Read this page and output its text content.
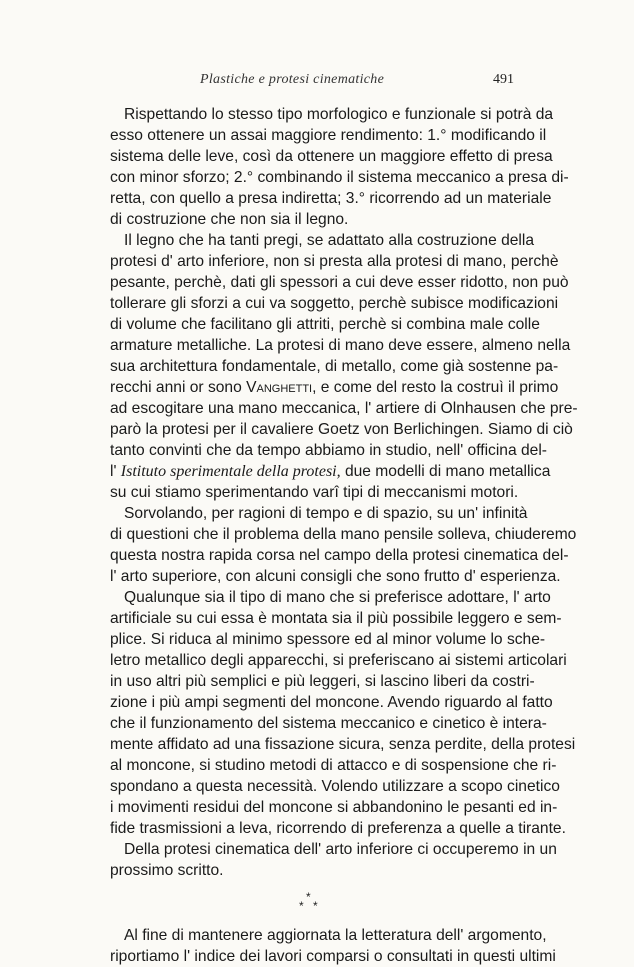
Plastiche e protesi cinematiche	491
Rispettando lo stesso tipo morfologico e funzionale si potrà da
esso ottenere un assai maggiore rendimento: 1.° modificando il
sistema delle leve, così da ottenere un maggiore effetto di presa
con minor sforzo; 2.° combinando il sistema meccanico a presa di-
retta, con quello a presa indiretta; 3.° ricorrendo ad un materiale
di costruzione che non sia il legno.
Il legno che ha tanti pregi, se adattato alla costruzione della
protesi d' arto inferiore, non si presta alla protesi di mano, perchè
pesante, perchè, dati gli spessori a cui deve esser ridotto, non può
tollerare gli sforzi a cui va soggetto, perchè subisce modificazioni
di volume che facilitano gli attriti, perchè si combina male colle
armature metalliche. La protesi di mano deve essere, almeno nella
sua architettura fondamentale, di metallo, come già sostenne pa-
recchi anni or sono Vanghetti, e come del resto la costruì il primo
ad escogitare una mano meccanica, l' artiere di Olnhausen che pre-
parò la protesi per il cavaliere Goetz von Berlichingen. Siamo di ciò
tanto convinti che da tempo abbiamo in studio, nell' officina del-
l' Istituto sperimentale della protesi, due modelli di mano metallica
su cui stiamo sperimentando varî tipi di meccanismi motori.
Sorvolando, per ragioni di tempo e di spazio, su un' infinità
di questioni che il problema della mano pensile solleva, chiuderemo
questa nostra rapida corsa nel campo della protesi cinematica del-
l' arto superiore, con alcuni consigli che sono frutto d' esperienza.
Qualunque sia il tipo di mano che si preferisce adottare, l' arto
artificiale su cui essa è montata sia il più possibile leggero e sem-
plice. Si riduca al minimo spessore ed al minor volume lo sche-
letro metallico degli apparecchi, si preferiscano ai sistemi articolari
in uso altri più semplici e più leggeri, si lascino liberi da costri-
zione i più ampi segmenti del moncone. Avendo riguardo al fatto
che il funzionamento del sistema meccanico e cinetico è intera-
mente affidato ad una fissazione sicura, senza perdite, della protesi
al moncone, si studino metodi di attacco e di sospensione che ri-
spondano a questa necessità. Volendo utilizzare a scopo cinetico
i movimenti residui del moncone si abbandonino le pesanti ed in-
fide trasmissioni a leva, ricorrendo di preferenza a quelle a tirante.
Della protesi cinematica dell' arto inferiore ci occuperemo in un
prossimo scritto.
*
* *
Al fine di mantenere aggiornata la letteratura dell' argomento,
riportiamo l' indice dei lavori comparsi o consultati in questi ultimi
